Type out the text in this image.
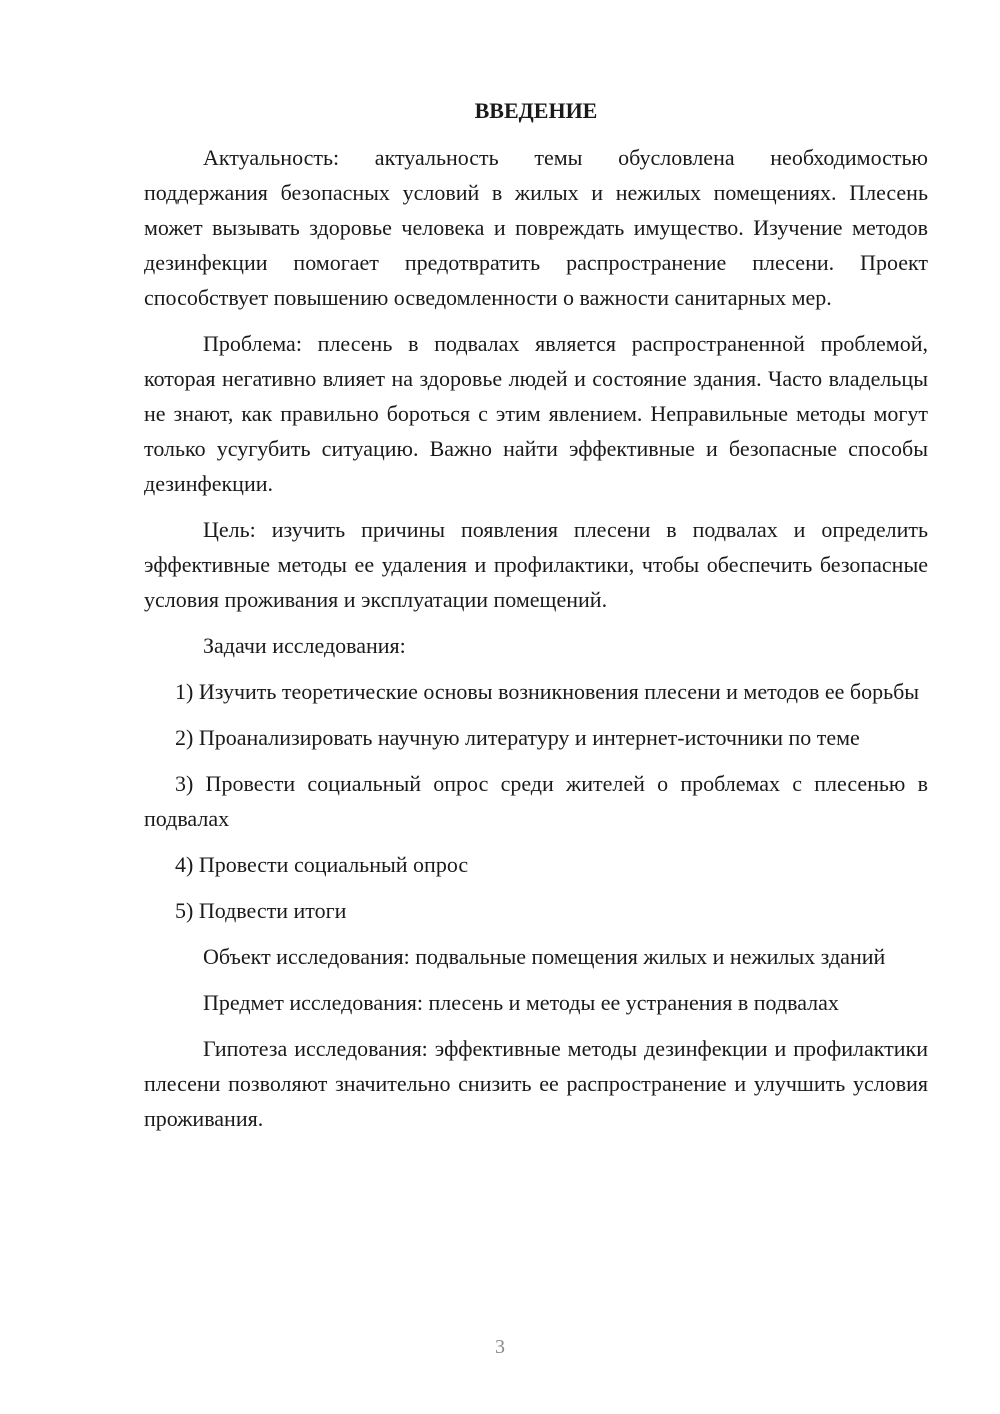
ВВЕДЕНИЕ

Актуальность: актуальность темы обусловлена необходимостью поддержания безопасных условий в жилых и нежилых помещениях. Плесень может вызывать здоровье человека и повреждать имущество. Изучение методов дезинфекции помогает предотвратить распространение плесени. Проект способствует повышению осведомленности о важности санитарных мер.

Проблема: плесень в подвалах является распространенной проблемой, которая негативно влияет на здоровье людей и состояние здания. Часто владельцы не знают, как правильно бороться с этим явлением. Неправильные методы могут только усугубить ситуацию. Важно найти эффективные и безопасные способы дезинфекции.

Цель: изучить причины появления плесени в подвалах и определить эффективные методы ее удаления и профилактики, чтобы обеспечить безопасные условия проживания и эксплуатации помещений.

Задачи исследования:

1) Изучить теоретические основы возникновения плесени и методов ее борьбы

2) Проанализировать научную литературу и интернет-источники по теме

3) Провести социальный опрос среди жителей о проблемах с плесенью в подвалах

4) Провести социальный опрос

5) Подвести итоги

Объект исследования: подвальные помещения жилых и нежилых зданий

Предмет исследования: плесень и методы ее устранения в подвалах

Гипотеза исследования: эффективные методы дезинфекции и профилактики плесени позволяют значительно снизить ее распространение и улучшить условия проживания.

3
